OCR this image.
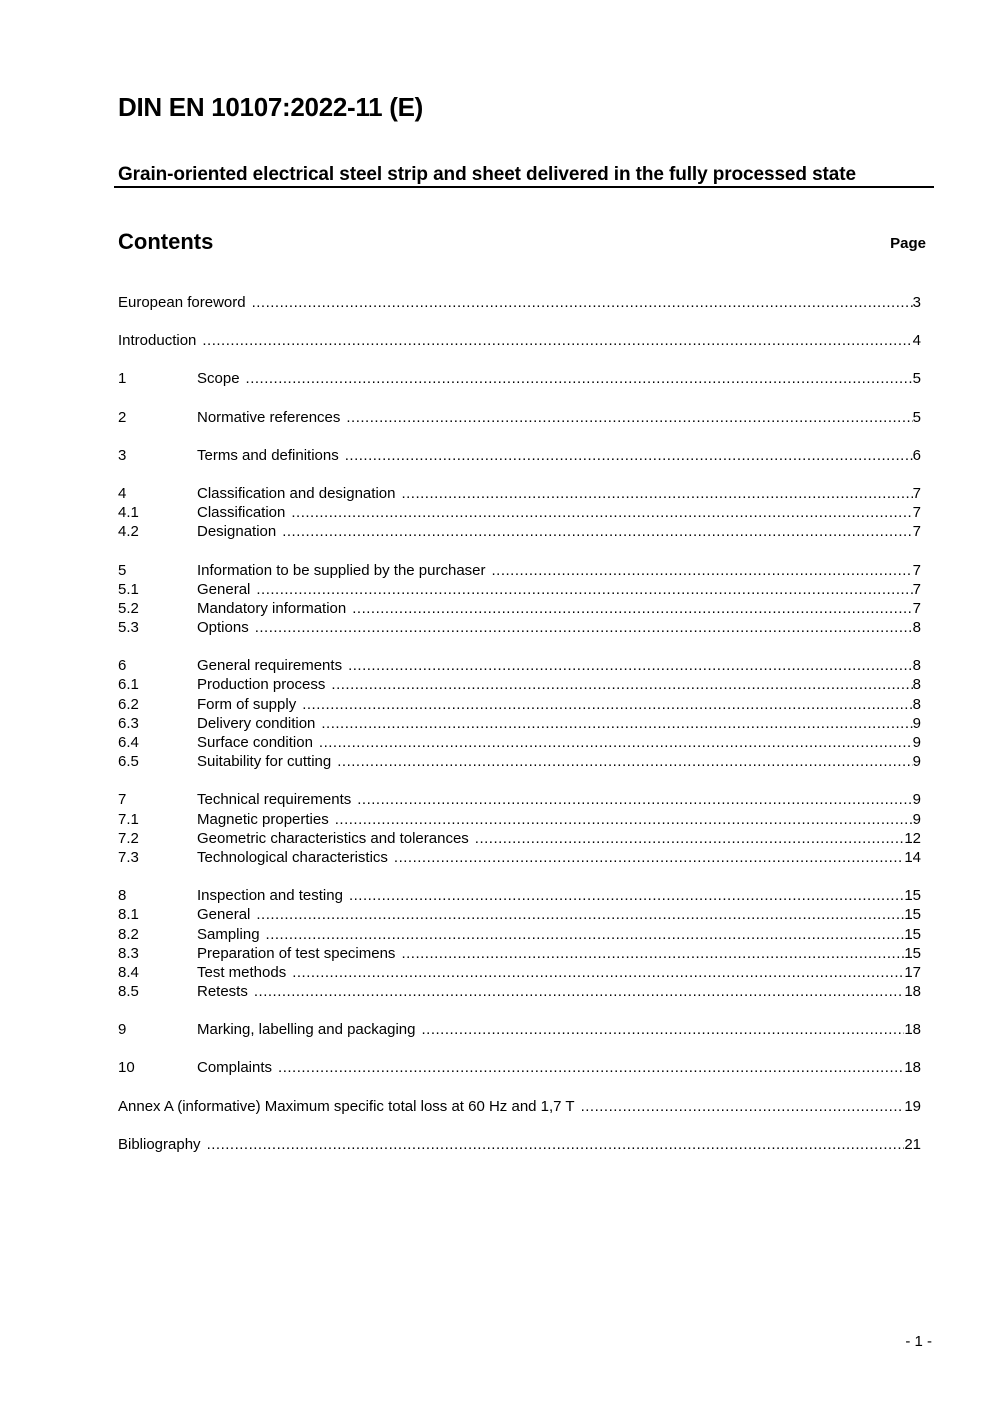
DIN EN 10107:2022-11 (E)
Grain-oriented electrical steel strip and sheet delivered in the fully processed state
Contents	Page
European foreword .....	3
Introduction .....	4
1	Scope .....	5
2	Normative references .....	5
3	Terms and definitions .....	6
4	Classification and designation .....	7
4.1	Classification .....	7
4.2	Designation .....	7
5	Information to be supplied by the purchaser .....	7
5.1	General .....	7
5.2	Mandatory information .....	7
5.3	Options .....	8
6	General requirements .....	8
6.1	Production process .....	8
6.2	Form of supply .....	8
6.3	Delivery condition .....	9
6.4	Surface condition .....	9
6.5	Suitability for cutting .....	9
7	Technical requirements .....	9
7.1	Magnetic properties .....	9
7.2	Geometric characteristics and tolerances .....	12
7.3	Technological characteristics .....	14
8	Inspection and testing .....	15
8.1	General .....	15
8.2	Sampling .....	15
8.3	Preparation of test specimens .....	15
8.4	Test methods .....	17
8.5	Retests .....	18
9	Marking, labelling and packaging .....	18
10	Complaints .....	18
Annex A (informative) Maximum specific total loss at 60 Hz and 1,7 T .....	19
Bibliography .....	21
- 1 -
